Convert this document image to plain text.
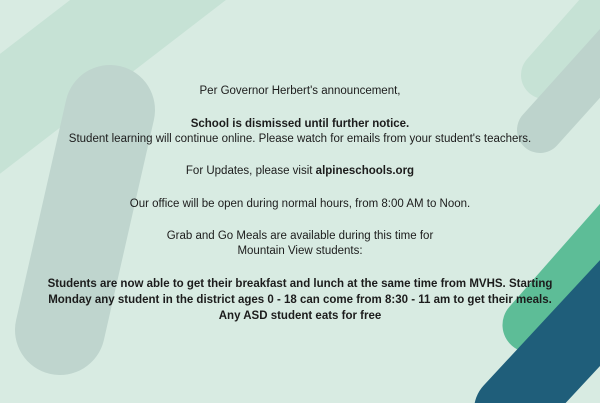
Per Governor Herbert's announcement,
School is dismissed until further notice.
Student learning will continue online. Please watch for emails from your student's teachers.
For Updates, please visit alpineschools.org
Our office will be open during normal hours, from 8:00 AM to Noon.
Grab and Go Meals are available during this time for
Mountain View students:
Students are now able to get their breakfast and lunch at the same time from MVHS. Starting
Monday any student in the district ages 0 - 18 can come from 8:30 - 11 am to get their meals.
Any ASD student eats for free
